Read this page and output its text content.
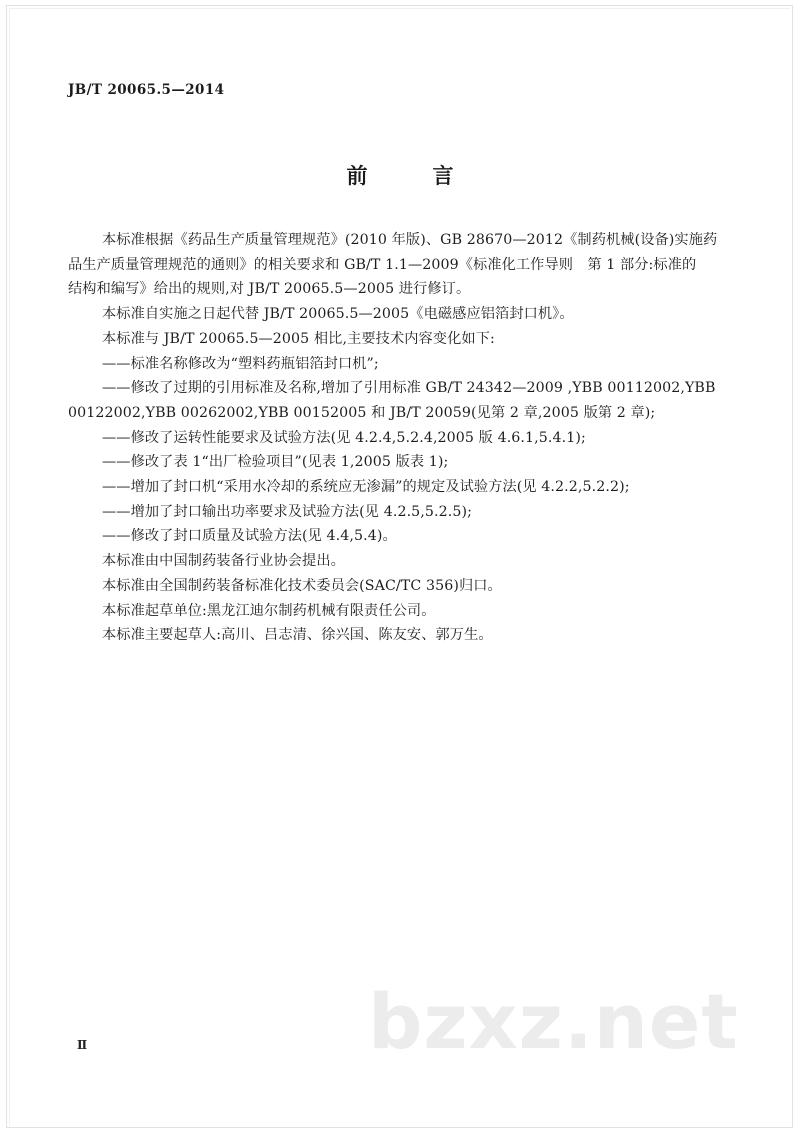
JB/T 20065.5—2014
前　言
本标准根据《药品生产质量管理规范》(2010 年版)、GB 28670—2012《制药机械(设备)实施药
品生产质量管理规范的通则》的相关要求和 GB/T 1.1—2009《标准化工作导则　第 1 部分:标准的
结构和编写》给出的规则,对 JB/T 20065.5—2005 进行修订。
本标准自实施之日起代替 JB/T 20065.5—2005《电磁感应铝箔封口机》。
本标准与 JB/T 20065.5—2005 相比,主要技术内容变化如下:
——标准名称修改为“塑料药瓶铝箔封口机”;
——修改了过期的引用标准及名称,增加了引用标准 GB/T 24342—2009 ,YBB 00112002,YBB
00122002,YBB 00262002,YBB 00152005 和 JB/T 20059(见第 2 章,2005 版第 2 章);
——修改了运转性能要求及试验方法(见 4.2.4,5.2.4,2005 版 4.6.1,5.4.1);
——修改了表 1“出厂检验项目”(见表 1,2005 版表 1);
——增加了封口机“采用水冷却的系统应无渗漏”的规定及试验方法(见 4.2.2,5.2.2);
——增加了封口输出功率要求及试验方法(见 4.2.5,5.2.5);
——修改了封口质量及试验方法(见 4.4,5.4)。
本标准由中国制药装备行业协会提出。
本标准由全国制药装备标准化技术委员会(SAC/TC 356)归口。
本标准起草单位:黑龙江迪尔制药机械有限责任公司。
本标准主要起草人:高川、吕志清、徐兴国、陈友安、郭万生。
bzxz.net
Ⅱ
